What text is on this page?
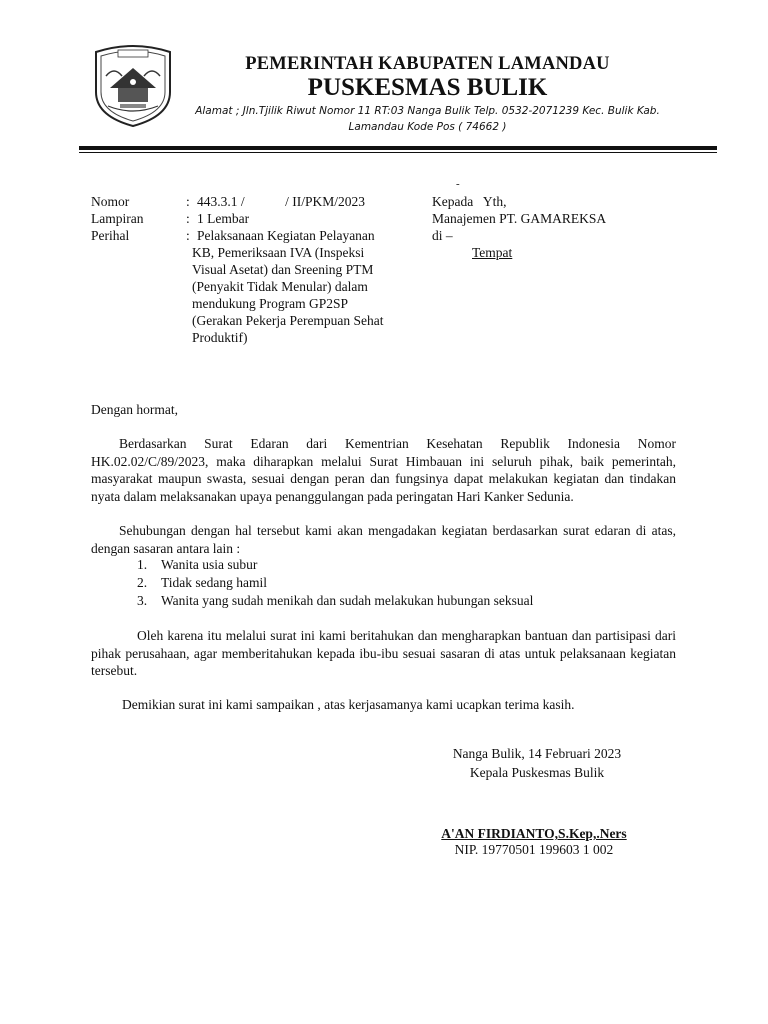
PEMERINTAH KABUPATEN LAMANDAU
PUSKESMAS BULIK
Alamat ; Jln.Tjilik Riwut Nomor 11 RT:03 Nanga Bulik Telp. 0532-2071239 Kec. Bulik Kab.
Lamandau Kode Pos ( 74662 )
-
Nomor	: 443.3.1 /            / II/PKM/2023
Lampiran	: 1 Lembar
Perihal	: Pelaksanaan Kegiatan Pelayanan
KB, Pemeriksaan IVA (Inspeksi
Visual Asetat) dan Sreening PTM
(Penyakit Tidak Menular) dalam
mendukung Program GP2SP
(Gerakan Pekerja Perempuan Sehat
Produktif)
Kepada   Yth,
Manajemen PT. GAMAREKSA
di –
Tempat
Dengan hormat,
Berdasarkan Surat Edaran dari Kementrian Kesehatan Republik Indonesia Nomor HK.02.02/C/89/2023, maka diharapkan melalui Surat Himbauan ini seluruh pihak, baik pemerintah, masyarakat maupun swasta, sesuai dengan peran dan fungsinya dapat melakukan kegiatan dan tindakan nyata dalam melaksanakan upaya penanggulangan pada peringatan Hari Kanker Sedunia.
Sehubungan dengan hal tersebut kami akan mengadakan kegiatan berdasarkan surat edaran di atas, dengan sasaran antara lain :
1. Wanita usia subur
2. Tidak sedang hamil
3. Wanita yang sudah menikah dan sudah melakukan hubungan seksual
Oleh karena itu melalui surat ini kami beritahukan dan mengharapkan bantuan dan partisipasi dari pihak perusahaan, agar memberitahukan kepada ibu-ibu sesuai sasaran di atas untuk pelaksanaan kegiatan tersebut.
Demikian surat ini kami sampaikan , atas kerjasamanya kami ucapkan terima kasih.
Nanga Bulik, 14 Februari 2023
Kepala Puskesmas Bulik
A'AN FIRDIANTO,S.Kep,.Ners
NIP. 19770501 199603 1 002
